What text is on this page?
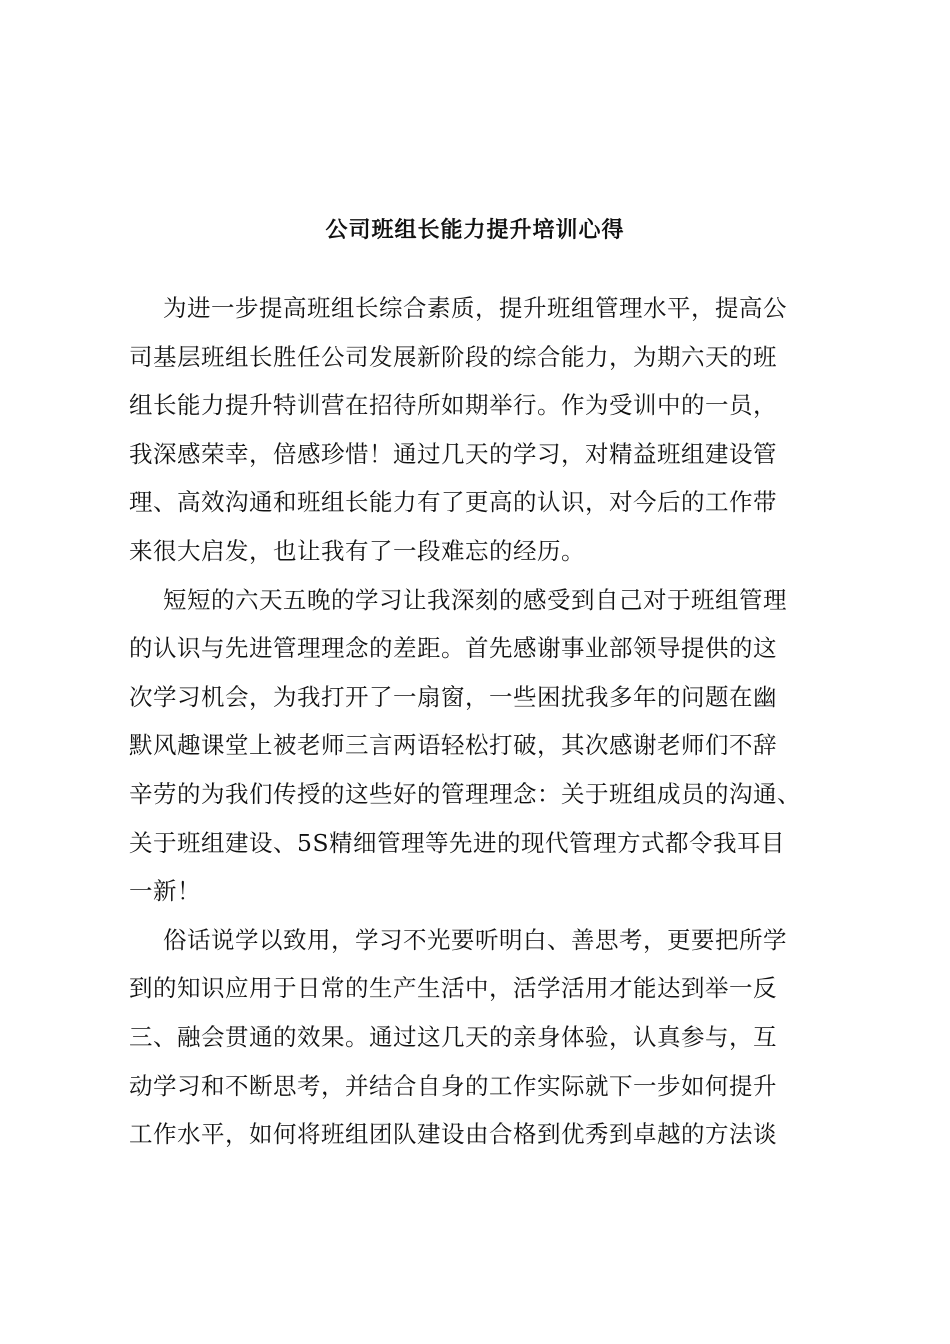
公司班组长能力提升培训心得
为进一步提高班组长综合素质，提升班组管理水平，提高公
司基层班组长胜任公司发展新阶段的综合能力，为期六天的班
组长能力提升特训营在招待所如期举行。作为受训中的一员，
我深感荣幸，倍感珍惜！通过几天的学习，对精益班组建设管
理、高效沟通和班组长能力有了更高的认识，对今后的工作带
来很大启发，也让我有了一段难忘的经历。
短短的六天五晚的学习让我深刻的感受到自己对于班组管理
的认识与先进管理理念的差距。首先感谢事业部领导提供的这
次学习机会，为我打开了一扇窗，一些困扰我多年的问题在幽
默风趣课堂上被老师三言两语轻松打破，其次感谢老师们不辞
辛劳的为我们传授的这些好的管理理念：关于班组成员的沟通、
关于班组建设、5S精细管理等先进的现代管理方式都令我耳目
一新！
俗话说学以致用，学习不光要听明白、善思考，更要把所学
到的知识应用于日常的生产生活中，活学活用才能达到举一反
三、融会贯通的效果。通过这几天的亲身体验，认真参与，互
动学习和不断思考，并结合自身的工作实际就下一步如何提升
工作水平，如何将班组团队建设由合格到优秀到卓越的方法谈
